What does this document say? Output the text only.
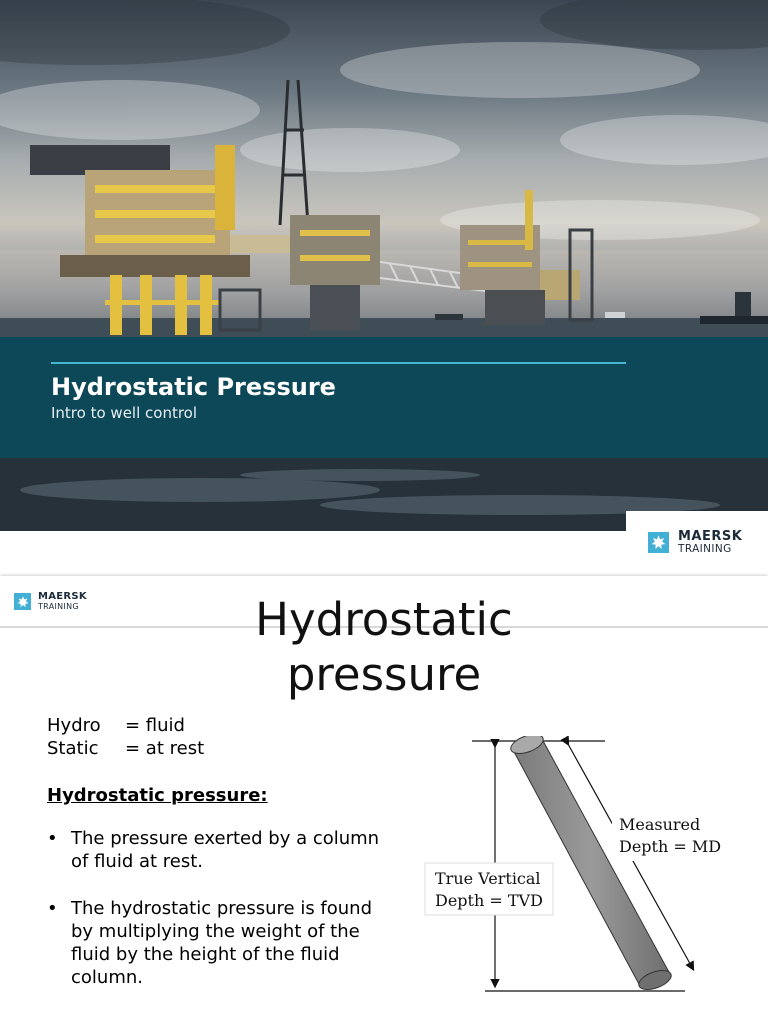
Hydrostatic Pressure
Intro to well control
MAERSK
TRAINING
MAERSK
TRAINING	Hydrostatic pressure
Hydro	= fluid
Static	= at rest
Hydrostatic pressure:
• The pressure exerted by a column of fluid at rest.
• The hydrostatic pressure is found by multiplying the weight of the fluid by the height of the fluid column.
True Vertical
Depth = TVD
Measured
Depth = MD
